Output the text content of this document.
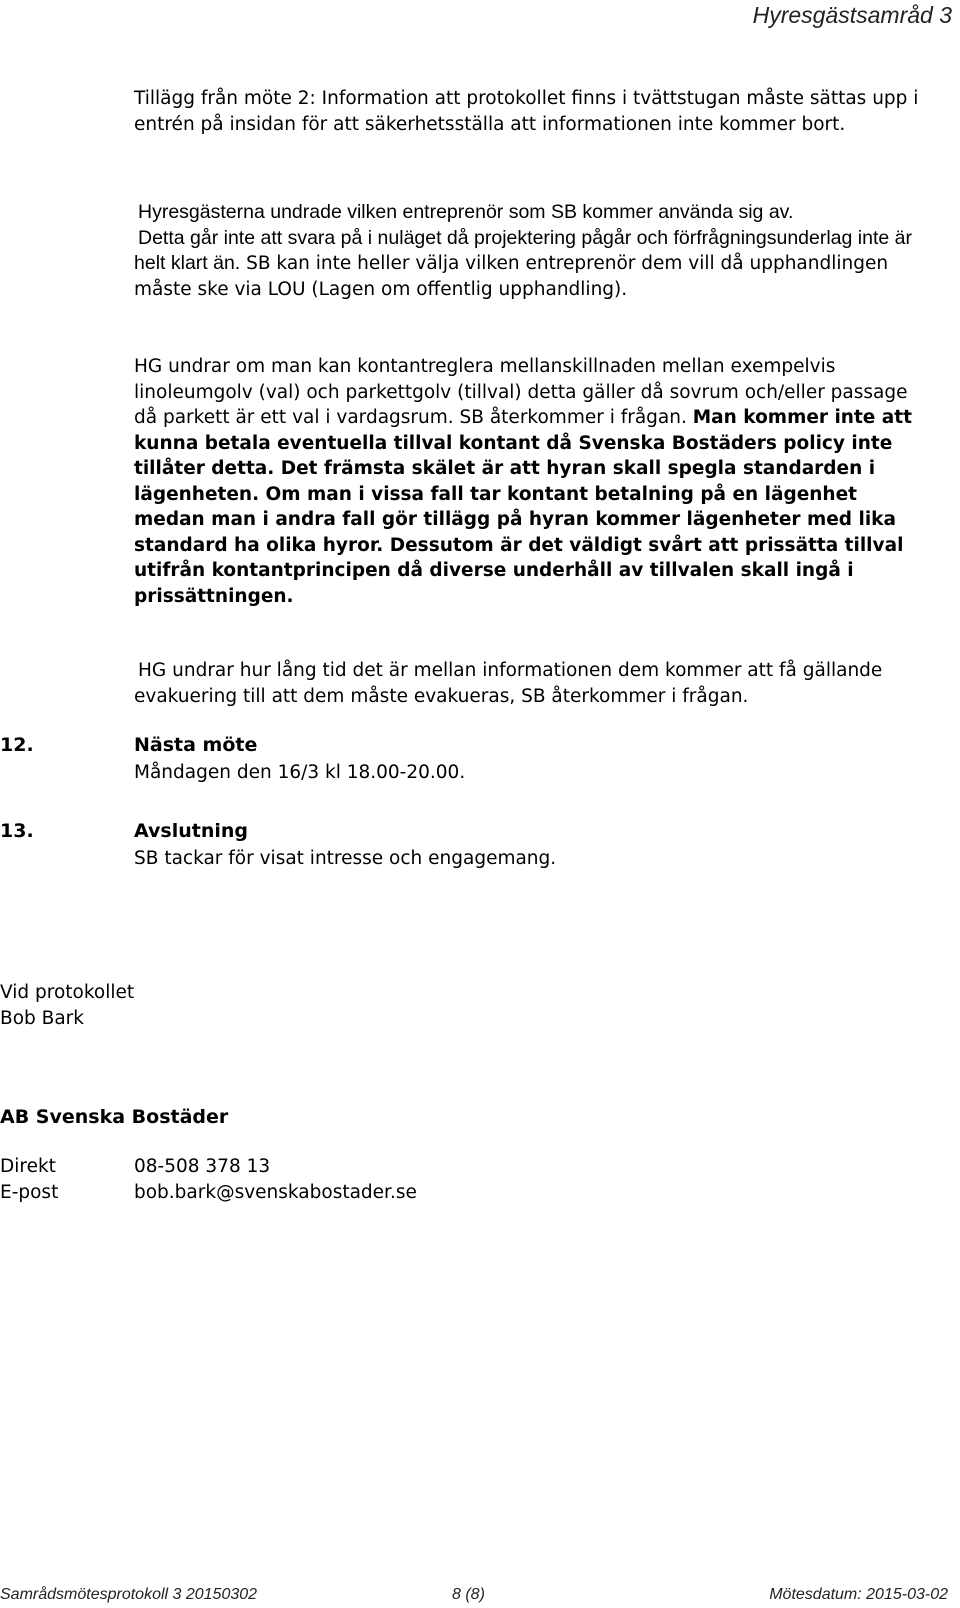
Hyresgästsamråd 3

Tillägg från möte 2: Information att protokollet finns i tvättstugan måste sättas upp i entrén på insidan för att säkerhetsställa att informationen inte kommer bort.

Hyresgästerna undrade vilken entreprenör som SB kommer använda sig av.
Detta går inte att svara på i nuläget då projektering pågår och förfrågningsunderlag inte är helt klart än. SB kan inte heller välja vilken entreprenör dem vill då upphandlingen måste ske via LOU (Lagen om offentlig upphandling).

HG undrar om man kan kontantreglera mellanskillnaden mellan exempelvis linoleumgolv (val) och parkettgolv (tillval) detta gäller då sovrum och/eller passage då parkett är ett val i vardagsrum. SB återkommer i frågan. Man kommer inte att kunna betala eventuella tillval kontant då Svenska Bostäders policy inte tillåter detta. Det främsta skälet är att hyran skall spegla standarden i lägenheten. Om man i vissa fall tar kontant betalning på en lägenhet medan man i andra fall gör tillägg på hyran kommer lägenheter med lika standard ha olika hyror. Dessutom är det väldigt svårt att prissätta tillval utifrån kontantprincipen då diverse underhåll av tillvalen skall ingå i prissättningen.

HG undrar hur lång tid det är mellan informationen dem kommer att få gällande evakuering till att dem måste evakueras, SB återkommer i frågan.

12.	Nästa möte
Måndagen den 16/3 kl 18.00-20.00.
13.	Avslutning
SB tackar för visat intresse och engagemang.
Vid protokollet
Bob Bark
AB Svenska Bostäder
Direkt	08-508 378 13
E-post	bob.bark@svenskabostader.se
Samrådsmötesprotokoll 3 20150302	8 (8)	Mötesdatum: 2015-03-02
